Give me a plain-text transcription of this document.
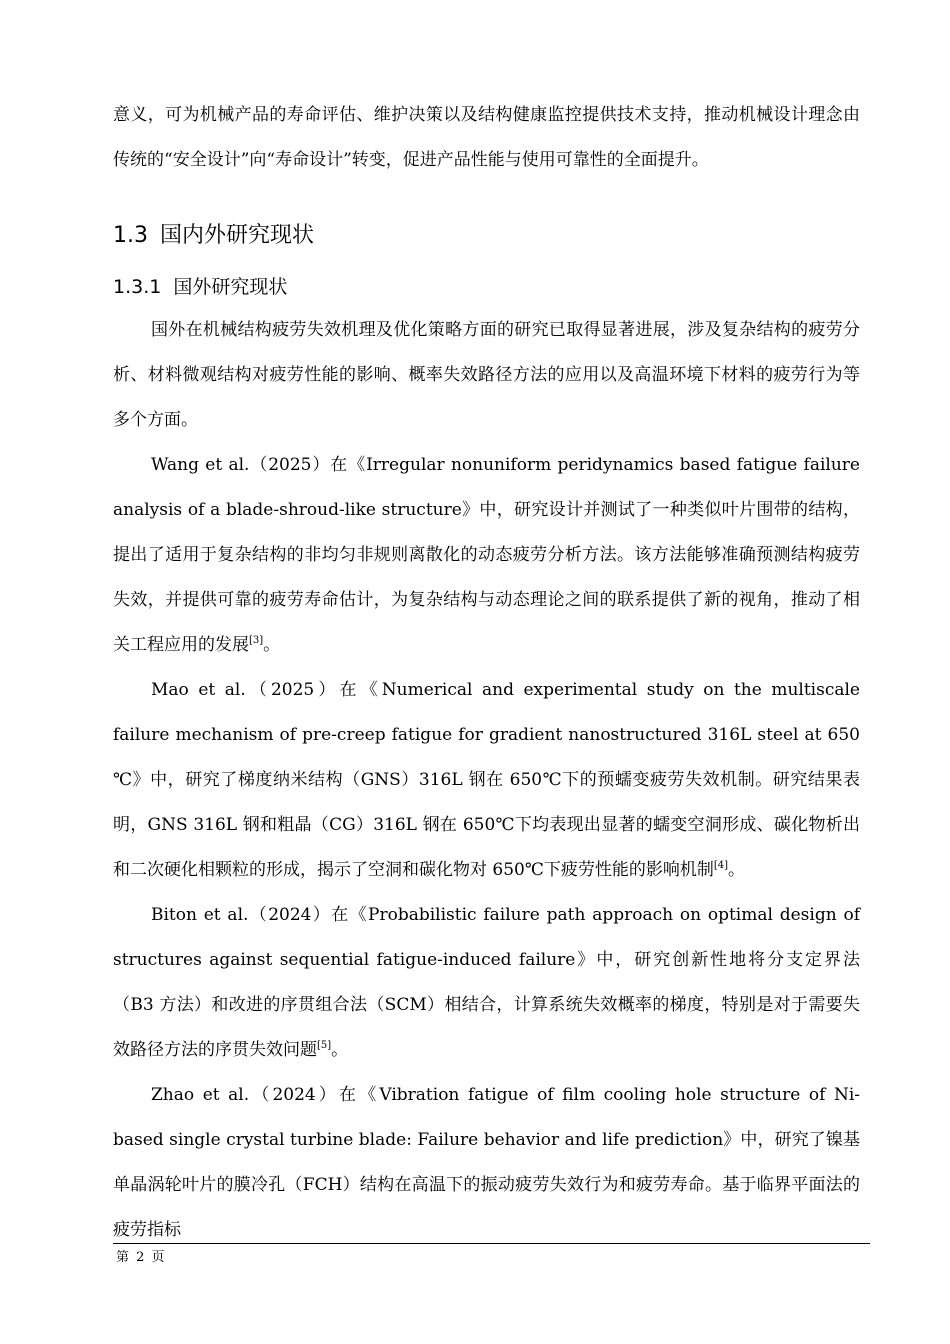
意义，可为机械产品的寿命评估、维护决策以及结构健康监控提供技术支持，推动机械设计理念由传统的“安全设计”向“寿命设计”转变，促进产品性能与使用可靠性的全面提升。

1.3 国内外研究现状
1.3.1 国外研究现状

国外在机械结构疲劳失效机理及优化策略方面的研究已取得显著进展，涉及复杂结构的疲劳分析、材料微观结构对疲劳性能的影响、概率失效路径方法的应用以及高温环境下材料的疲劳行为等多个方面。

Wang et al.（2025）在《Irregular nonuniform peridynamics based fatigue failure analysis of a blade-shroud-like structure》中，研究设计并测试了一种类似叶片围带的结构，提出了适用于复杂结构的非均匀非规则离散化的动态疲劳分析方法。该方法能够准确预测结构疲劳失效，并提供可靠的疲劳寿命估计，为复杂结构与动态理论之间的联系提供了新的视角，推动了相关工程应用的发展[3]。

Mao et al.（2025）在《Numerical and experimental study on the multiscale failure mechanism of pre-creep fatigue for gradient nanostructured 316L steel at 650 ℃》中，研究了梯度纳米结构（GNS）316L 钢在 650℃下的预蠕变疲劳失效机制。研究结果表明，GNS 316L 钢和粗晶（CG）316L 钢在 650℃下均表现出显著的蠕变空洞形成、碳化物析出和二次硬化相颗粒的形成，揭示了空洞和碳化物对 650℃下疲劳性能的影响机制[4]。

Biton et al.（2024）在《Probabilistic failure path approach on optimal design of structures against sequential fatigue-induced failure》中，研究创新性地将分支定界法（B3 方法）和改进的序贯组合法（SCM）相结合，计算系统失效概率的梯度，特别是对于需要失效路径方法的序贯失效问题[5]。

Zhao et al.（2024）在《Vibration fatigue of film cooling hole structure of Ni-based single crystal turbine blade: Failure behavior and life prediction》中，研究了镍基单晶涡轮叶片的膜冷孔（FCH）结构在高温下的振动疲劳失效行为和疲劳寿命。基于临界平面法的疲劳指标

第 2 页
